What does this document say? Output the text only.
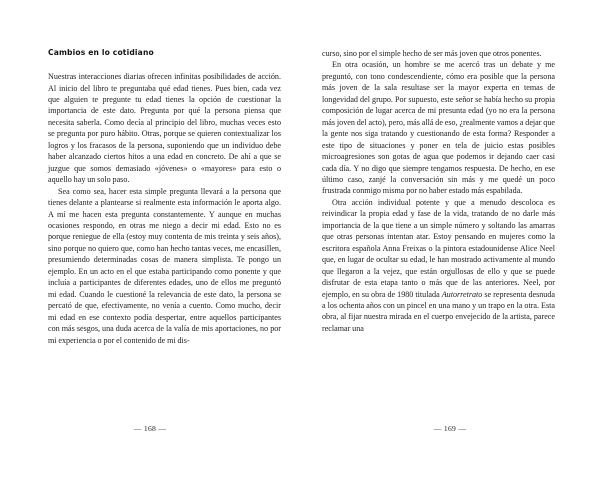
Cambios en lo cotidiano

Nuestras interacciones diarias ofrecen infinitas posibilidades de acción. Al inicio del libro te preguntaba qué edad tienes. Pues bien, cada vez que alguien te pregunte tu edad tienes la opción de cuestionar la importancia de este dato. Pregunta por qué la persona piensa que necesita saberla. Como decía al principio del libro, muchas veces esto se pregunta por puro hábito. Otras, porque se quieren contextualizar los logros y los fracasos de la persona, suponiendo que un individuo debe haber alcanzado ciertos hitos a una edad en concreto. De ahí a que se juzgue que somos demasiado «jóvenes» o «mayores» para esto o aquello hay un solo paso.

Sea como sea, hacer esta simple pregunta llevará a la persona que tienes delante a plantearse si realmente esta información le aporta algo. A mí me hacen esta pregunta constantemente. Y aunque en muchas ocasiones respondo, en otras me niego a decir mi edad. Esto no es porque reniegue de ella (estoy muy contenta de mis treinta y seis años), sino porque no quiero que, como han hecho tantas veces, me encasillen, presumiendo determinadas cosas de manera simplista. Te pongo un ejemplo. En un acto en el que estaba participando como ponente y que incluía a participantes de diferentes edades, uno de ellos me preguntó mi edad. Cuando le cuestioné la relevancia de este dato, la persona se percató de que, efectivamente, no venía a cuento. Como mucho, decir mi edad en ese contexto podía despertar, entre aquellos participantes con más sesgos, una duda acerca de la valía de mis aportaciones, no por mi experiencia o por el contenido de mi dis-

— 168 —

curso, sino por el simple hecho de ser más joven que otros ponentes.

En otra ocasión, un hombre se me acercó tras un debate y me preguntó, con tono condescendiente, cómo era posible que la persona más joven de la sala resultase ser la mayor experta en temas de longevidad del grupo. Por supuesto, este señor se había hecho su propia composición de lugar acerca de mi presunta edad (yo no era la persona más joven del acto), pero, más allá de eso, ¿realmente vamos a dejar que la gente nos siga tratando y cuestionando de esta forma? Responder a este tipo de situaciones y poner en tela de juicio estas posibles microagresiones son gotas de agua que podemos ir dejando caer casi cada día. Y no digo que siempre tengamos respuesta. De hecho, en ese último caso, zanjé la conversación sin más y me quedé un poco frustrada conmigo misma por no haber estado más espabilada.

Otra acción individual potente y que a menudo descoloca es reivindicar la propia edad y fase de la vida, tratando de no darle más importancia de la que tiene a un simple número y soltando las amarras que otras personas intentan atar. Estoy pensando en mujeres como la escritora española Anna Freixas o la pintora estadounidense Alice Neel que, en lugar de ocultar su edad, le han mostrado activamente al mundo que llegaron a la vejez, que están orgullosas de ello y que se puede disfrutar de esta etapa tanto o más que de las anteriores. Neel, por ejemplo, en su obra de 1980 titulada Autorretrato se representa desnuda a los ochenta años con un pincel en una mano y un trapo en la otra. Esta obra, al fijar nuestra mirada en el cuerpo envejecido de la artista, parece reclamar una

— 169 —
